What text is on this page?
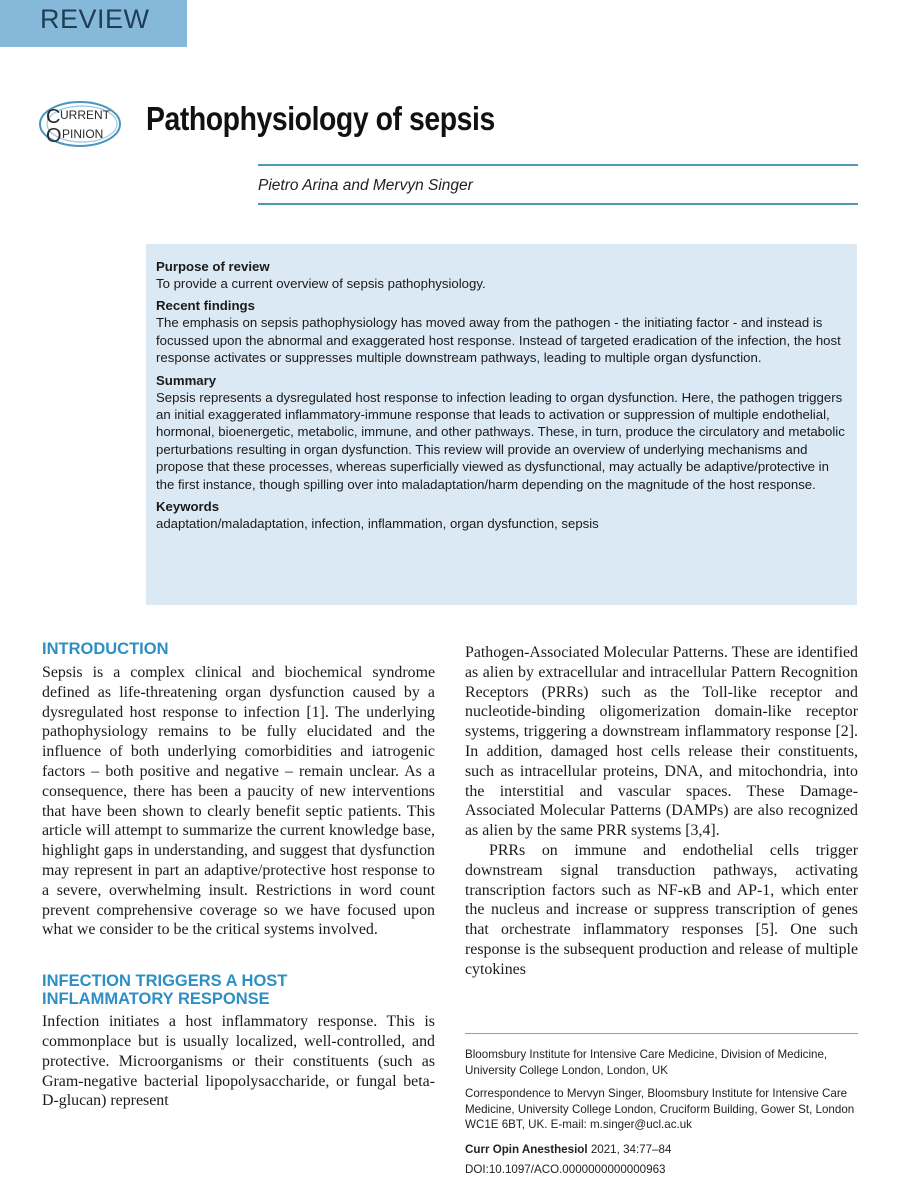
REVIEW
C URRENT
O PINION Pathophysiology of sepsis
Pietro Arina and Mervyn Singer
Purpose of review

To provide a current overview of sepsis pathophysiology.

Recent findings

The emphasis on sepsis pathophysiology has moved away from the pathogen - the initiating factor - and instead is focussed upon the abnormal and exaggerated host response. Instead of targeted eradication of the infection, the host response activates or suppresses multiple downstream pathways, leading to multiple organ dysfunction.

Summary

Sepsis represents a dysregulated host response to infection leading to organ dysfunction. Here, the pathogen triggers an initial exaggerated inflammatory-immune response that leads to activation or suppression of multiple endothelial, hormonal, bioenergetic, metabolic, immune, and other pathways. These, in turn, produce the circulatory and metabolic perturbations resulting in organ dysfunction. This review will provide an overview of underlying mechanisms and propose that these processes, whereas superficially viewed as dysfunctional, may actually be adaptive/protective in the first instance, though spilling over into maladaptation/harm depending on the magnitude of the host response.

Keywords

adaptation/maladaptation, infection, inflammation, organ dysfunction, sepsis

INTRODUCTION

Sepsis is a complex clinical and biochemical syndrome defined as life-threatening organ dysfunction caused by a dysregulated host response to infection [1]. The underlying pathophysiology remains to be fully elucidated and the influence of both underlying comorbidities and iatrogenic factors – both positive and negative – remain unclear. As a consequence, there has been a paucity of new interventions that have been shown to clearly benefit septic patients. This article will attempt to summarize the current knowledge base, highlight gaps in understanding, and suggest that dysfunction may represent in part an adaptive/protective host response to a severe, overwhelming insult. Restrictions in word count prevent comprehensive coverage so we have focused upon what we consider to be the critical systems involved.

INFECTION TRIGGERS A HOST
INFLAMMATORY RESPONSE

Infection initiates a host inflammatory response. This is commonplace but is usually localized, well-controlled, and protective. Microorganisms or their constituents (such as Gram-negative bacterial lipopolysaccharide, or fungal beta-D-glucan) represent

Pathogen-Associated Molecular Patterns. These are identified as alien by extracellular and intracellular Pattern Recognition Receptors (PRRs) such as the Toll-like receptor and nucleotide-binding oligomerization domain-like receptor systems, triggering a downstream inflammatory response [2]. In addition, damaged host cells release their constituents, such as intracellular proteins, DNA, and mitochondria, into the interstitial and vascular spaces. These Damage-Associated Molecular Patterns (DAMPs) are also recognized as alien by the same PRR systems [3,4].

PRRs on immune and endothelial cells trigger downstream signal transduction pathways, activating transcription factors such as NF-κB and AP-1, which enter the nucleus and increase or suppress transcription of genes that orchestrate inflammatory responses [5]. One such response is the subsequent production and release of multiple cytokines

Bloomsbury Institute for Intensive Care Medicine, Division of Medicine, University College London, London, UK
Correspondence to Mervyn Singer, Bloomsbury Institute for Intensive Care Medicine, University College London, Cruciform Building, Gower St, London WC1E 6BT, UK. E-mail: m.singer@ucl.ac.uk
Curr Opin Anesthesiol 2021, 34:77–84
DOI:10.1097/ACO.0000000000000963
